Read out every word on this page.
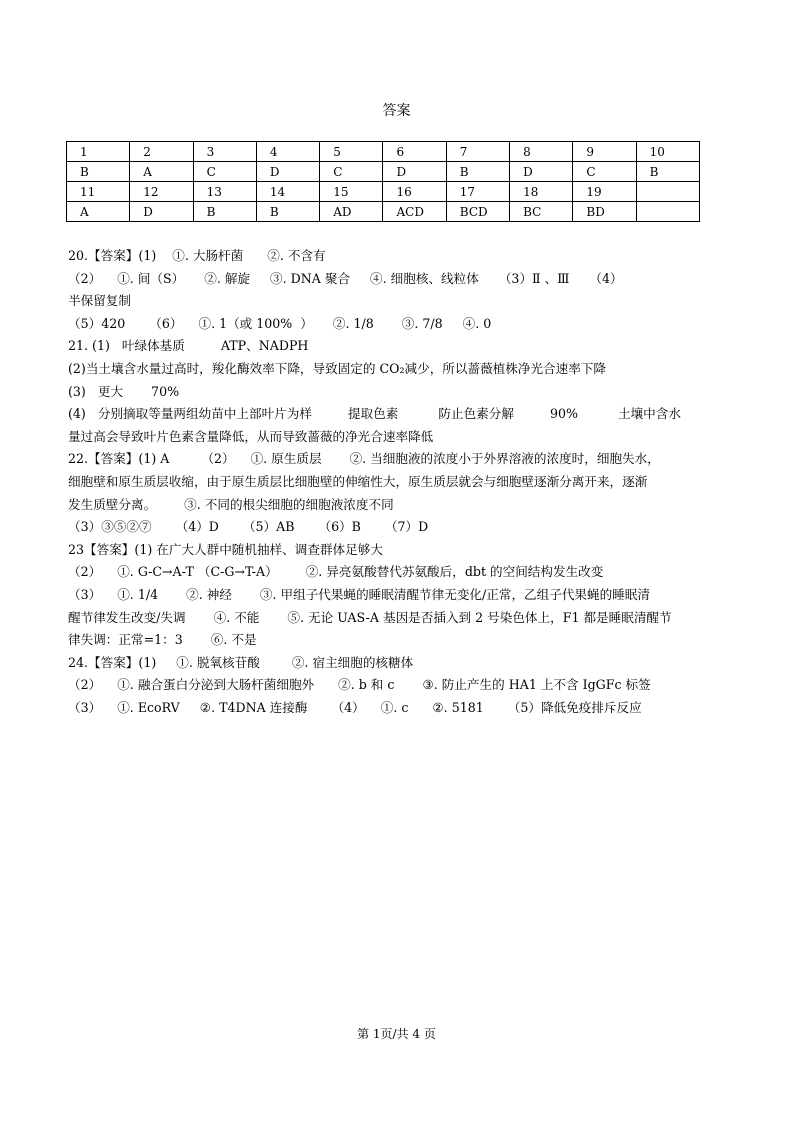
答案
1	2	3	4	5	6	7	8	9	10
B	A	C	D	C	D	B	D	C	B
11	12	13	14	15	16	17	18	19	
A	D	B	B	AD	ACD	BCD	BC	BD	
20.【答案】(1)    ①. 大肠杆菌      ②. 不含有
（2）    ①. 间（S）     ②. 解旋     ③. DNA 聚合     ④. 细胞核、线粒体     （3）Ⅱ 、Ⅲ     （4）
半保留复制
（5）420      （6）    ①. 1（或 100%  ）     ②. 1/8       ③. 7/8     ④. 0
21. (1)   叶绿体基质         ATP、NADPH
(2)当土壤含水量过高时，羧化酶效率下降，导致固定的 CO₂减少，所以蔷薇植株净光合速率下降
(3)   更大       70%
(4)   分别摘取等量两组幼苗中上部叶片为样         提取色素          防止色素分解         90%          土壤中含水
量过高会导致叶片色素含量降低，从而导致蔷薇的净光合速率降低
22.【答案】(1) A        （2）    ①. 原生质层       ②. 当细胞液的浓度小于外界溶液的浓度时，细胞失水，
细胞壁和原生质层收缩，由于原生质层比细胞壁的伸缩性大，原生质层就会与细胞壁逐渐分离开来，逐渐
发生质壁分离。       ③. 不同的根尖细胞的细胞液浓度不同
（3）③⑤②⑦      （4）D      （5）AB      （6）B      （7）D
23【答案】(1) 在广大人群中随机抽样、调查群体足够大
（2）    ①. G-C→A-T （C-G→T-A）       ②. 异亮氨酸替代苏氨酸后，dbt 的空间结构发生改变
（3）    ①. 1/4       ②. 神经       ③. 甲组子代果蝇的睡眠清醒节律无变化/正常，乙组子代果蝇的睡眠清
醒节律发生改变/失调       ④. 不能       ⑤. 无论 UAS-A 基因是否插入到 2 号染色体上，F1 都是睡眠清醒节
律失调：正常=1：3       ⑥. 不是
24.【答案】(1)     ①. 脱氧核苷酸        ②. 宿主细胞的核糖体
（2）    ①. 融合蛋白分泌到大肠杆菌细胞外      ②. b 和 c       ③. 防止产生的 HA1 上不含 IgGFc 标签
（3）    ①. EcoRV     ②. T4DNA 连接酶      （4）    ①. c      ②. 5181      （5）降低免疫排斥反应
第 1页/共 4 页
